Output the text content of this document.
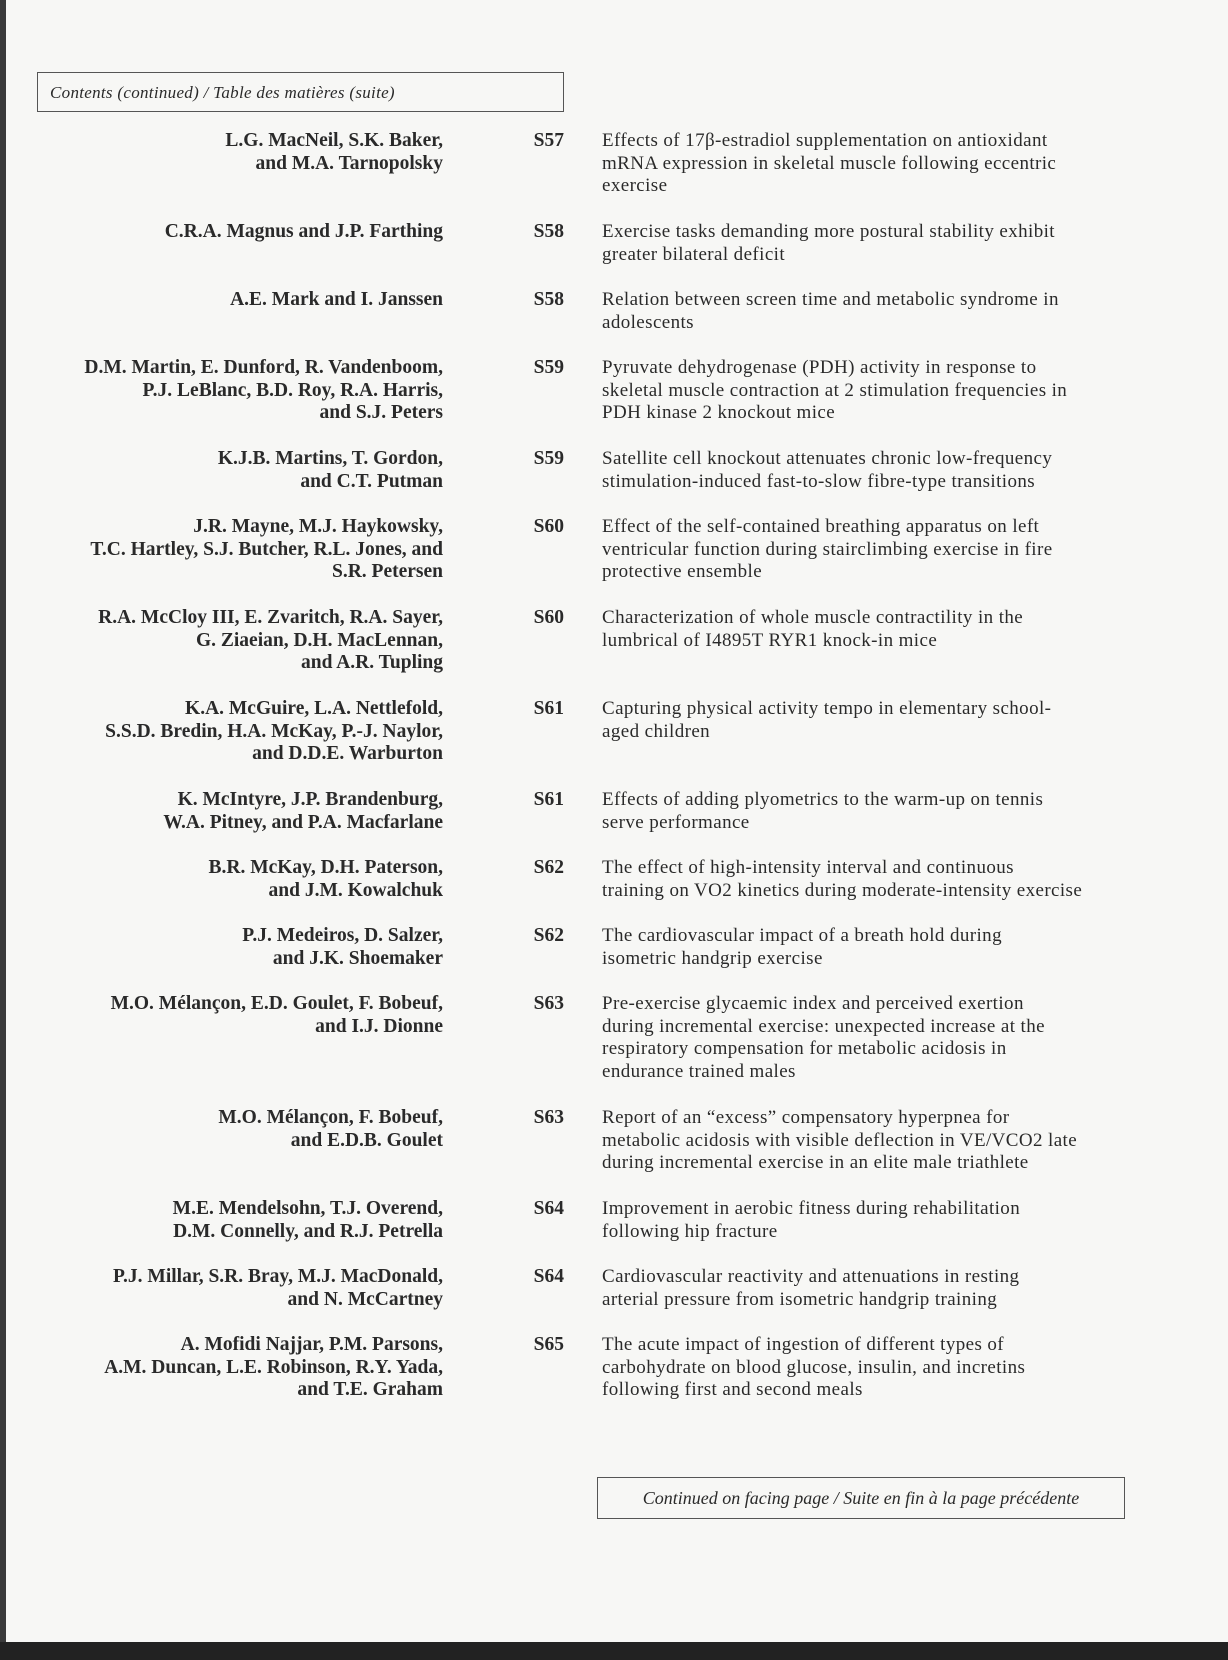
Contents (continued) / Table des matières (suite)
L.G. MacNeil, S.K. Baker,
and M.A. Tarnopolsky
S57 Effects of 17β-estradiol supplementation on antioxidant
mRNA expression in skeletal muscle following eccentric
exercise
C.R.A. Magnus and J.P. Farthing	S58 Exercise tasks demanding more postural stability exhibit
greater bilateral deficit
A.E. Mark and I. Janssen	S58 Relation between screen time and metabolic syndrome in
adolescents
D.M. Martin, E. Dunford, R. Vandenboom,
P.J. LeBlanc, B.D. Roy, R.A. Harris,
and S.J. Peters
S59 Pyruvate dehydrogenase (PDH) activity in response to
skeletal muscle contraction at 2 stimulation frequencies in
PDH kinase 2 knockout mice
K.J.B. Martins, T. Gordon,
and C.T. Putman
S59 Satellite cell knockout attenuates chronic low-frequency
stimulation-induced fast-to-slow fibre-type transitions
J.R. Mayne, M.J. Haykowsky,
T.C. Hartley, S.J. Butcher, R.L. Jones, and
S.R. Petersen
S60 Effect of the self-contained breathing apparatus on left
ventricular function during stairclimbing exercise in fire
protective ensemble
R.A. McCloy III, E. Zvaritch, R.A. Sayer,
G. Ziaeian, D.H. MacLennan,
and A.R. Tupling
S60 Characterization of whole muscle contractility in the
lumbrical of I4895T RYR1 knock-in mice
K.A. McGuire, L.A. Nettlefold,
S.S.D. Bredin, H.A. McKay, P.-J. Naylor,
and D.D.E. Warburton
S61 Capturing physical activity tempo in elementary school-
aged children
K. McIntyre, J.P. Brandenburg,
W.A. Pitney, and P.A. Macfarlane
S61 Effects of adding plyometrics to the warm-up on tennis
serve performance
B.R. McKay, D.H. Paterson,
and J.M. Kowalchuk
S62 The effect of high-intensity interval and continuous
training on VO2 kinetics during moderate-intensity exercise
P.J. Medeiros, D. Salzer,
and J.K. Shoemaker
S62 The cardiovascular impact of a breath hold during
isometric handgrip exercise
M.O. Mélançon, E.D. Goulet, F. Bobeuf,
and I.J. Dionne
S63 Pre-exercise glycaemic index and perceived exertion
during incremental exercise: unexpected increase at the
respiratory compensation for metabolic acidosis in
endurance trained males
M.O. Mélançon, F. Bobeuf,
and E.D.B. Goulet
S63 Report of an “excess” compensatory hyperpnea for
metabolic acidosis with visible deflection in VE/VCO2 late
during incremental exercise in an elite male triathlete
M.E. Mendelsohn, T.J. Overend,
D.M. Connelly, and R.J. Petrella
S64 Improvement in aerobic fitness during rehabilitation
following hip fracture
P.J. Millar, S.R. Bray, M.J. MacDonald,
and N. McCartney
S64 Cardiovascular reactivity and attenuations in resting
arterial pressure from isometric handgrip training
A. Mofidi Najjar, P.M. Parsons,
A.M. Duncan, L.E. Robinson, R.Y. Yada,
and T.E. Graham
S65 The acute impact of ingestion of different types of
carbohydrate on blood glucose, insulin, and incretins
following first and second meals
Continued on facing page / Suite en fin à la page précédente
